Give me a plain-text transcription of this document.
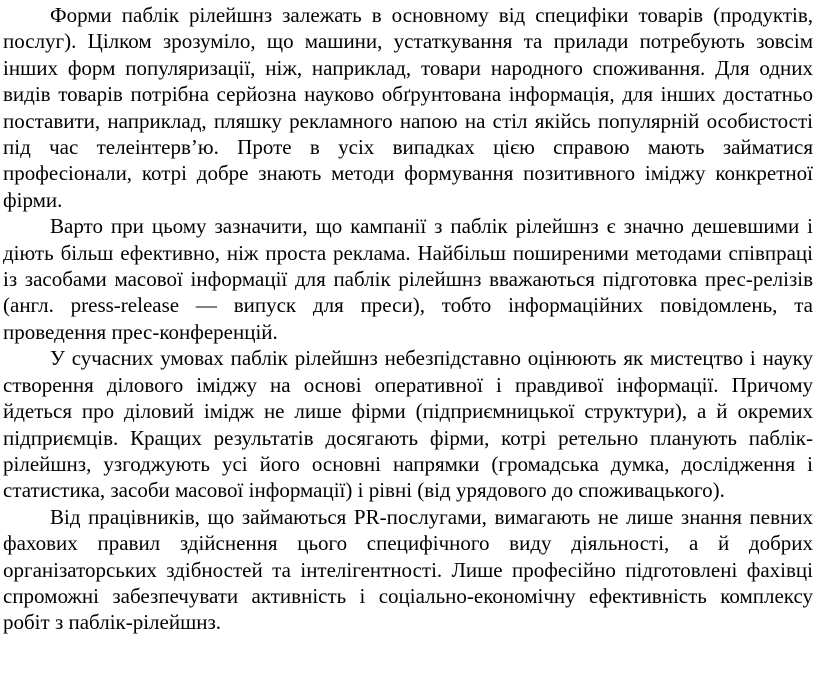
Форми паблік рілейшнз залежать в основному від специфіки товарів (продуктів, послуг). Цілком зрозуміло, що машини, устаткування та прилади потребують зовсім інших форм популяризації, ніж, наприклад, товари народного споживання. Для одних видів товарів потрібна серйозна науково обґрунтована інформація, для інших достатньо поставити, наприклад, пляшку рекламного напою на стіл якійсь популярній особистості під час телеінтерв’ю. Проте в усіх випадках цією справою мають займатися професіонали, котрі добре знають методи формування позитивного іміджу конкретної фірми.

Варто при цьому зазначити, що кампанії з паблік рілейшнз є значно дешевшими і діють більш ефективно, ніж проста реклама. Найбільш поширеними методами співпраці із засобами масової інформації для паблік рілейшнз вважаються підготовка прес-релізів (англ. press-release — випуск для преси), тобто інформаційних повідомлень, та проведення прес-конференцій.

У сучасних умовах паблік рілейшнз небезпідставно оцінюють як мистецтво і науку створення ділового іміджу на основі оперативної і правдивої інформації. Причому йдеться про діловий імідж не лише фірми (підприємницької структури), а й окремих підприємців. Кращих результатів досягають фірми, котрі ретельно планують паблік-рілейшнз, узгоджують усі його основні напрямки (громадська думка, дослідження і статистика, засоби масової інформації) і рівні (від урядового до споживацького).

Від працівників, що займаються PR-послугами, вимагають не лише знання певних фахових правил здійснення цього специфічного виду діяльності, а й добрих організаторських здібностей та інтелігентності. Лише професійно підготовлені фахівці спроможні забезпечувати активність і соціально-економічну ефективність комплексу робіт з паблік-рілейшнз.
